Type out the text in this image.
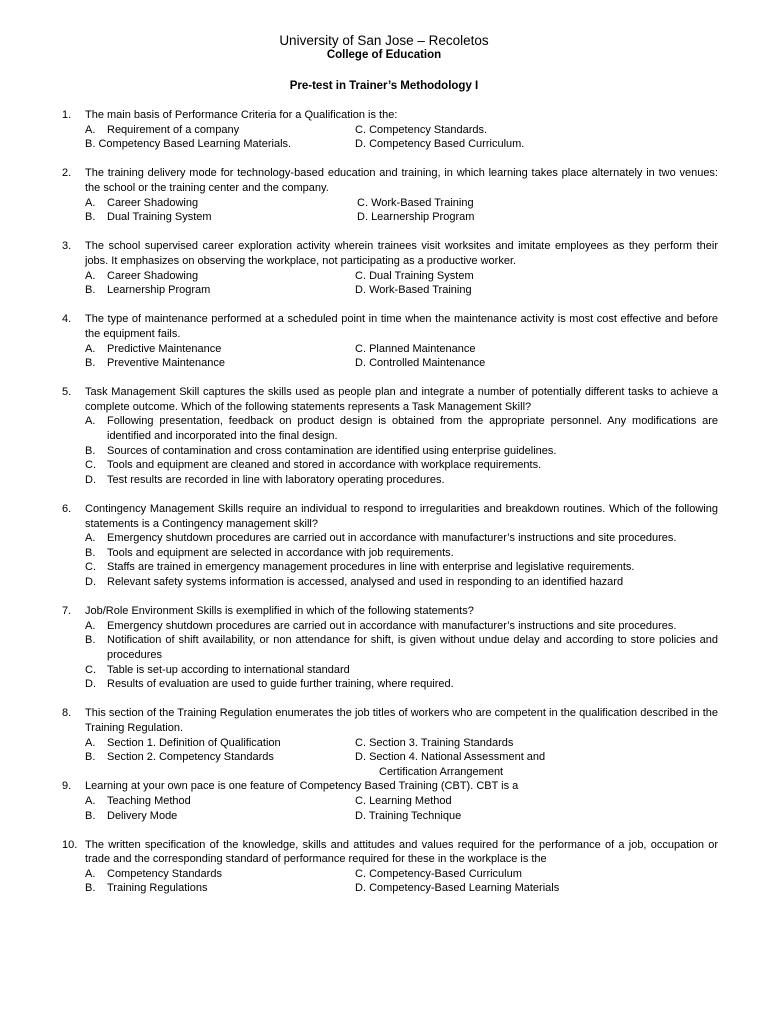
University of San Jose – Recoletos
College of Education
Pre-test in Trainer’s Methodology I
1. The main basis of Performance Criteria for a Qualification is the:
A. Requirement of a company	C. Competency Standards.
B. Competency Based Learning Materials.	D. Competency Based Curriculum.
2. The training delivery mode for technology-based education and training, in which learning takes place alternately in two venues: the school or the training center and the company.
A. Career Shadowing	C. Work-Based Training
B. Dual Training System	D. Learnership Program
3. The school supervised career exploration activity wherein trainees visit worksites and imitate employees as they perform their jobs. It emphasizes on observing the workplace, not participating as a productive worker.
A. Career Shadowing	C. Dual Training System
B. Learnership Program	D. Work-Based Training
4. The type of maintenance performed at a scheduled point in time when the maintenance activity is most cost effective and before the equipment fails.
A. Predictive Maintenance	C. Planned Maintenance
B. Preventive Maintenance	D. Controlled Maintenance
5. Task Management Skill captures the skills used as people plan and integrate a number of potentially different tasks to achieve a complete outcome. Which of the following statements represents a Task Management Skill?
A. Following presentation, feedback on product design is obtained from the appropriate personnel. Any modifications are identified and incorporated into the final design.
B. Sources of contamination and cross contamination are identified using enterprise guidelines.
C. Tools and equipment are cleaned and stored in accordance with workplace requirements.
D. Test results are recorded in line with laboratory operating procedures.
6. Contingency Management Skills require an individual to respond to irregularities and breakdown routines. Which of the following statements is a Contingency management skill?
A. Emergency shutdown procedures are carried out in accordance with manufacturer’s instructions and site procedures.
B. Tools and equipment are selected in accordance with job requirements.
C. Staffs are trained in emergency management procedures in line with enterprise and legislative requirements.
D. Relevant safety systems information is accessed, analysed and used in responding to an identified hazard
7. Job/Role Environment Skills is exemplified in which of the following statements?
A. Emergency shutdown procedures are carried out in accordance with manufacturer’s instructions and site procedures.
B. Notification of shift availability, or non attendance for shift, is given without undue delay and according to store policies and procedures
C. Table is set-up according to international standard
D. Results of evaluation are used to guide further training, where required.
8. This section of the Training Regulation enumerates the job titles of workers who are competent in the qualification described in the Training Regulation.
A. Section 1. Definition of Qualification	C. Section 3. Training Standards
B. Section 2. Competency Standards	D. Section 4. National Assessment and
Certification Arrangement
9. Learning at your own pace is one feature of Competency Based Training (CBT). CBT is a
A. Teaching Method	C. Learning Method
B. Delivery Mode	D. Training Technique
10. The written specification of the knowledge, skills and attitudes and values required for the performance of a job, occupation or trade and the corresponding standard of performance required for these in the workplace is the
A. Competency Standards	C. Competency-Based Curriculum
B. Training Regulations	D. Competency-Based Learning Materials
